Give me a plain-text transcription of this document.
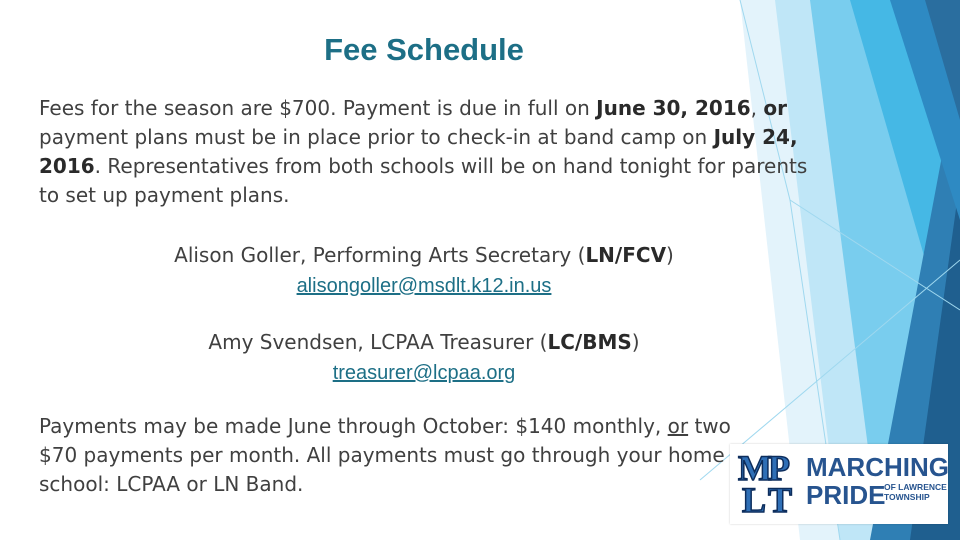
Fee Schedule

Fees for the season are $700. Payment is due in full on June 30, 2016, or payment plans must be in place prior to check-in at band camp on July 24, 2016. Representatives from both schools will be on hand tonight for parents to set up payment plans.

Alison Goller, Performing Arts Secretary (LN/FCV)
alisongoller@msdlt.k12.in.us
Amy Svendsen, LCPAA Treasurer (LC/BMS)
treasurer@lcpaa.org

Payments may be made June through October: $140 monthly, or two $70 payments per month. All payments must go through your home school: LCPAA or LN Band.	M
P
L T
MARCHING
PRIDE
OF LAWRENCE
TOWNSHIP
